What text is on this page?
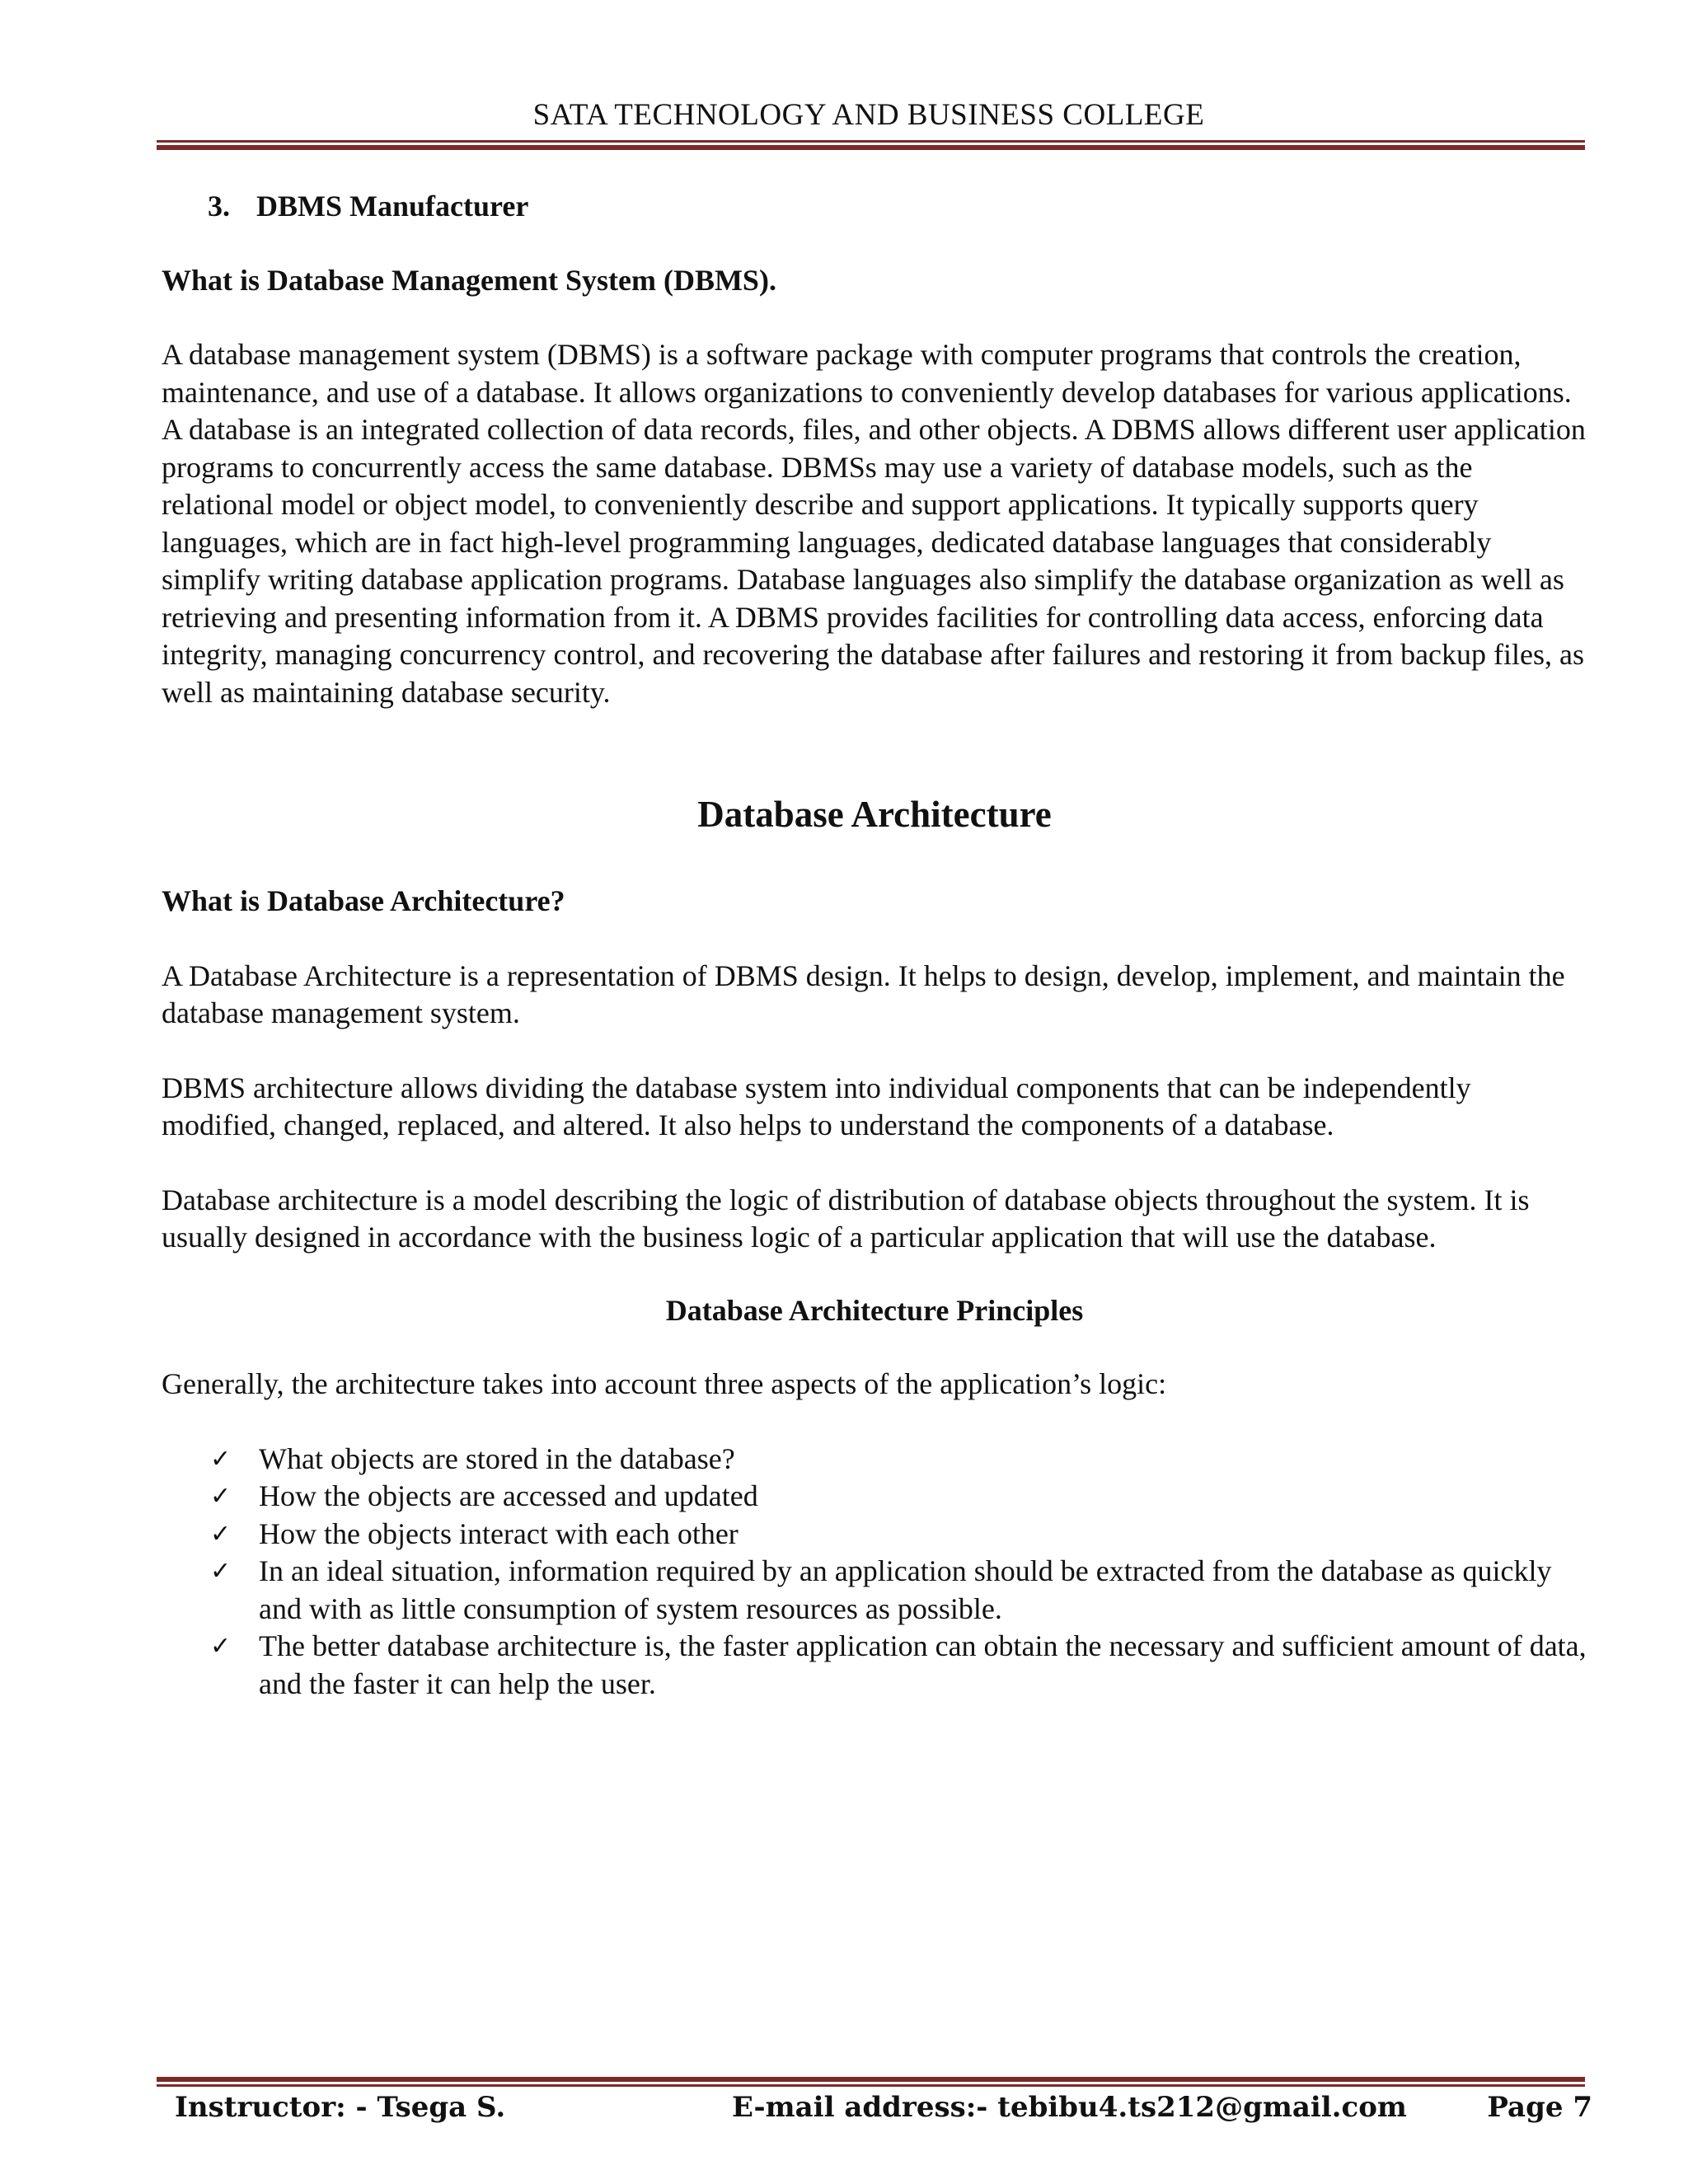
SATA TECHNOLOGY AND BUSINESS COLLEGE
3. DBMS Manufacturer
What is Database Management System (DBMS).

A database management system (DBMS) is a software package with computer programs that controls the creation, maintenance, and use of a database. It allows organizations to conveniently develop databases for various applications. A database is an integrated collection of data records, files, and other objects. A DBMS allows different user application programs to concurrently access the same database. DBMSs may use a variety of database models, such as the relational model or object model, to conveniently describe and support applications. It typically supports query languages, which are in fact high-level programming languages, dedicated database languages that considerably simplify writing database application programs. Database languages also simplify the database organization as well as retrieving and presenting information from it. A DBMS provides facilities for controlling data access, enforcing data integrity, managing concurrency control, and recovering the database after failures and restoring it from backup files, as well as maintaining database security.

Database Architecture
What is Database Architecture?

A Database Architecture is a representation of DBMS design. It helps to design, develop, implement, and maintain the database management system.

DBMS architecture allows dividing the database system into individual components that can be independently modified, changed, replaced, and altered. It also helps to understand the components of a database.

Database architecture is a model describing the logic of distribution of database objects throughout the system. It is usually designed in accordance with the business logic of a particular application that will use the database.

Database Architecture Principles

Generally, the architecture takes into account three aspects of the application’s logic:

✓ What objects are stored in the database?
✓ How the objects are accessed and updated
✓ How the objects interact with each other
✓ In an ideal situation, information required by an application should be extracted from the database as quickly and with as little consumption of system resources as possible.
✓ The better database architecture is, the faster application can obtain the necessary and sufficient amount of data, and the faster it can help the user.
Instructor: - Tsega S.	E-mail address:- tebibu4.ts212@gmail.com	Page 7
